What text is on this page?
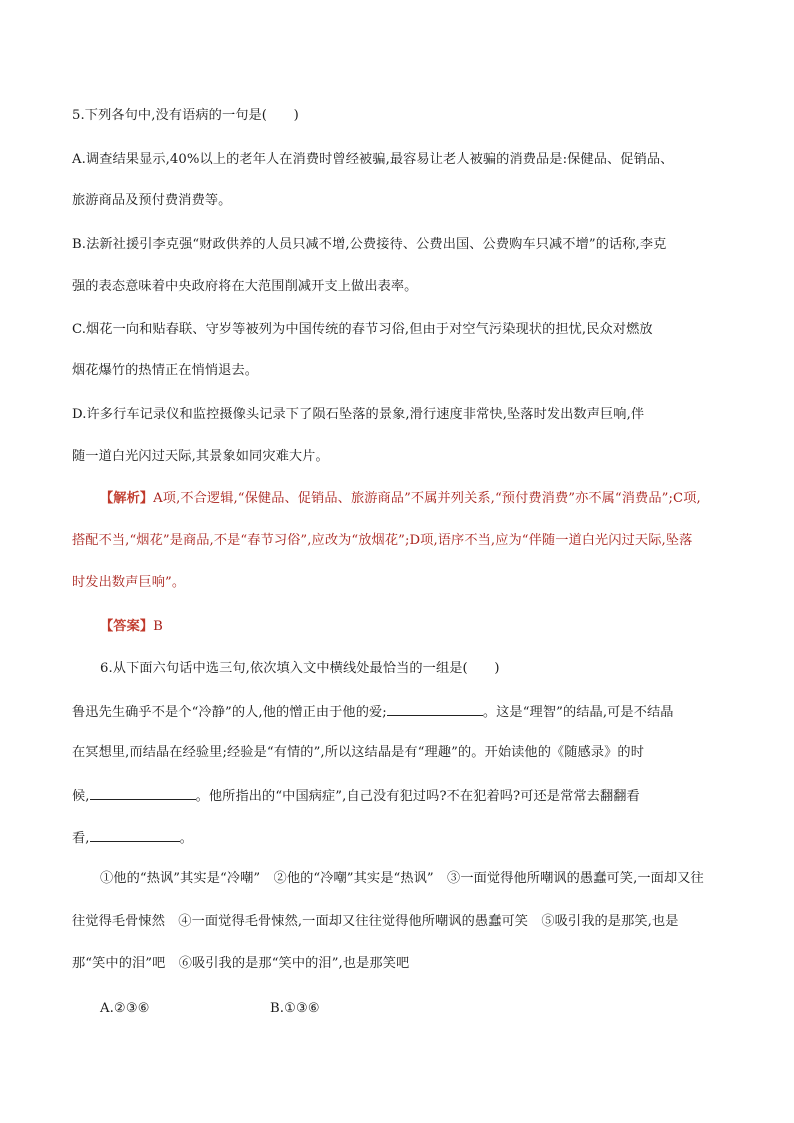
5.下列各句中,没有语病的一句是(　　)
A.调查结果显示,40%以上的老年人在消费时曾经被骗,最容易让老人被骗的消费品是:保健品、促销品、
旅游商品及预付费消费等。
B.法新社援引李克强“财政供养的人员只减不增,公费接待、公费出国、公费购车只减不增”的话称,李克
强的表态意味着中央政府将在大范围削减开支上做出表率。
C.烟花一向和贴春联、守岁等被列为中国传统的春节习俗,但由于对空气污染现状的担忧,民众对燃放
烟花爆竹的热情正在悄悄退去。
D.许多行车记录仪和监控摄像头记录下了陨石坠落的景象,滑行速度非常快,坠落时发出数声巨响,伴
随一道白光闪过天际,其景象如同灾难大片。
【解析】A项,不合逻辑,“保健品、促销品、旅游商品”不属并列关系,“预付费消费”亦不属“消费品”;C项,
搭配不当,“烟花”是商品,不是“春节习俗”,应改为“放烟花”;D项,语序不当,应为“伴随一道白光闪过天际,坠落
时发出数声巨响”。
【答案】B
6.从下面六句话中选三句,依次填入文中横线处最恰当的一组是(　　)
鲁迅先生确乎不是个“冷静”的人,他的憎正由于他的爱;	。这是“理智”的结晶,可是不结晶
在冥想里,而结晶在经验里;经验是“有情的”,所以这结晶是有“理趣”的。开始读他的《随感录》的时
候,	。他所指出的“中国病症”,自己没有犯过吗?不在犯着吗?可还是常常去翻翻看
看,	。
①他的“热讽”其实是“冷嘲”　②他的“冷嘲”其实是“热讽”　③一面觉得他所嘲讽的愚蠢可笑,一面却又往
往觉得毛骨悚然　④一面觉得毛骨悚然,一面却又往往觉得他所嘲讽的愚蠢可笑　⑤吸引我的是那笑,也是
那“笑中的泪”吧　⑥吸引我的是那“笑中的泪”,也是那笑吧
A.②③⑥	B.①③⑥
